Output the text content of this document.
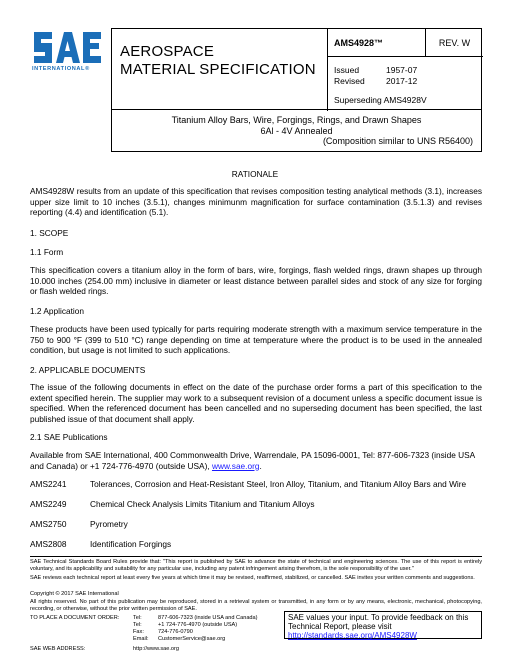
INTERNATIONAL®
AEROSPACE
MATERIAL SPECIFICATION
AMS4928™	REV. W
Issued	1957-07
Revised	2017-12
Superseding AMS4928V
Titanium Alloy Bars, Wire, Forgings, Rings, and Drawn Shapes
6Al - 4V Annealed
(Composition similar to UNS R56400)
RATIONALE
AMS4928W results from an update of this specification that revises composition testing analytical methods (3.1), increases upper size limit to 10 inches (3.5.1), changes minimunm magnification for surface contamination (3.5.1.3) and revises reporting (4.4) and identification (5.1).
1. SCOPE
1.1 Form
This specification covers a titanium alloy in the form of bars, wire, forgings, flash welded rings, drawn shapes up through 10.000 inches (254.00 mm) inclusive in diameter or least distance between parallel sides and stock of any size for forging or flash welded rings.
1.2 Application
These products have been used typically for parts requiring moderate strength with a maximum service temperature in the 750 to 900 °F (399 to 510 °C) range depending on time at temperature where the product is to be used in the annealed condition, but usage is not limited to such applications.
2. APPLICABLE DOCUMENTS
The issue of the following documents in effect on the date of the purchase order forms a part of this specification to the extent specified herein. The supplier may work to a subsequent revision of a document unless a specific document issue is specified. When the referenced document has been cancelled and no superseding document has been specified, the last published issue of that document shall apply.
2.1 SAE Publications
Available from SAE International, 400 Commonwealth Drive, Warrendale, PA 15096-0001, Tel: 877-606-7323 (inside USA and Canada) or +1 724-776-4970 (outside USA), www.sae.org.
AMS2241	Tolerances, Corrosion and Heat-Resistant Steel, Iron Alloy, Titanium, and Titanium Alloy Bars and Wire
AMS2249	Chemical Check Analysis Limits Titanium and Titanium Alloys
AMS2750	Pyrometry
AMS2808	Identification Forgings
SAE Technical Standards Board Rules provide that: "This report is published by SAE to advance the state of technical and engineering sciences. The use of this report is entirely voluntary, and its applicability and suitability for any particular use, including any patent infringement arising therefrom, is the sole responsibility of the user."
SAE reviews each technical report at least every five years at which time it may be revised, reaffirmed, stabilized, or cancelled. SAE invites your written comments and suggestions.
Copyright © 2017 SAE International
All rights reserved. No part of this publication may be reproduced, stored in a retrieval system or transmitted, in any form or by any means, electronic, mechanical, photocopying, recording, or otherwise, without the prior written permission of SAE.
TO PLACE A DOCUMENT ORDER: Tel:	877-606-7323 (inside USA and Canada)
Tel:	+1 724-776-4970 (outside USA)
Fax:	724-776-0790
Email: CustomerService@sae.org
SAE WEB ADDRESS:	http://www.sae.org
SAE values your input. To provide feedback on this Technical Report, please visit
http://standards.sae.org/AMS4928W
